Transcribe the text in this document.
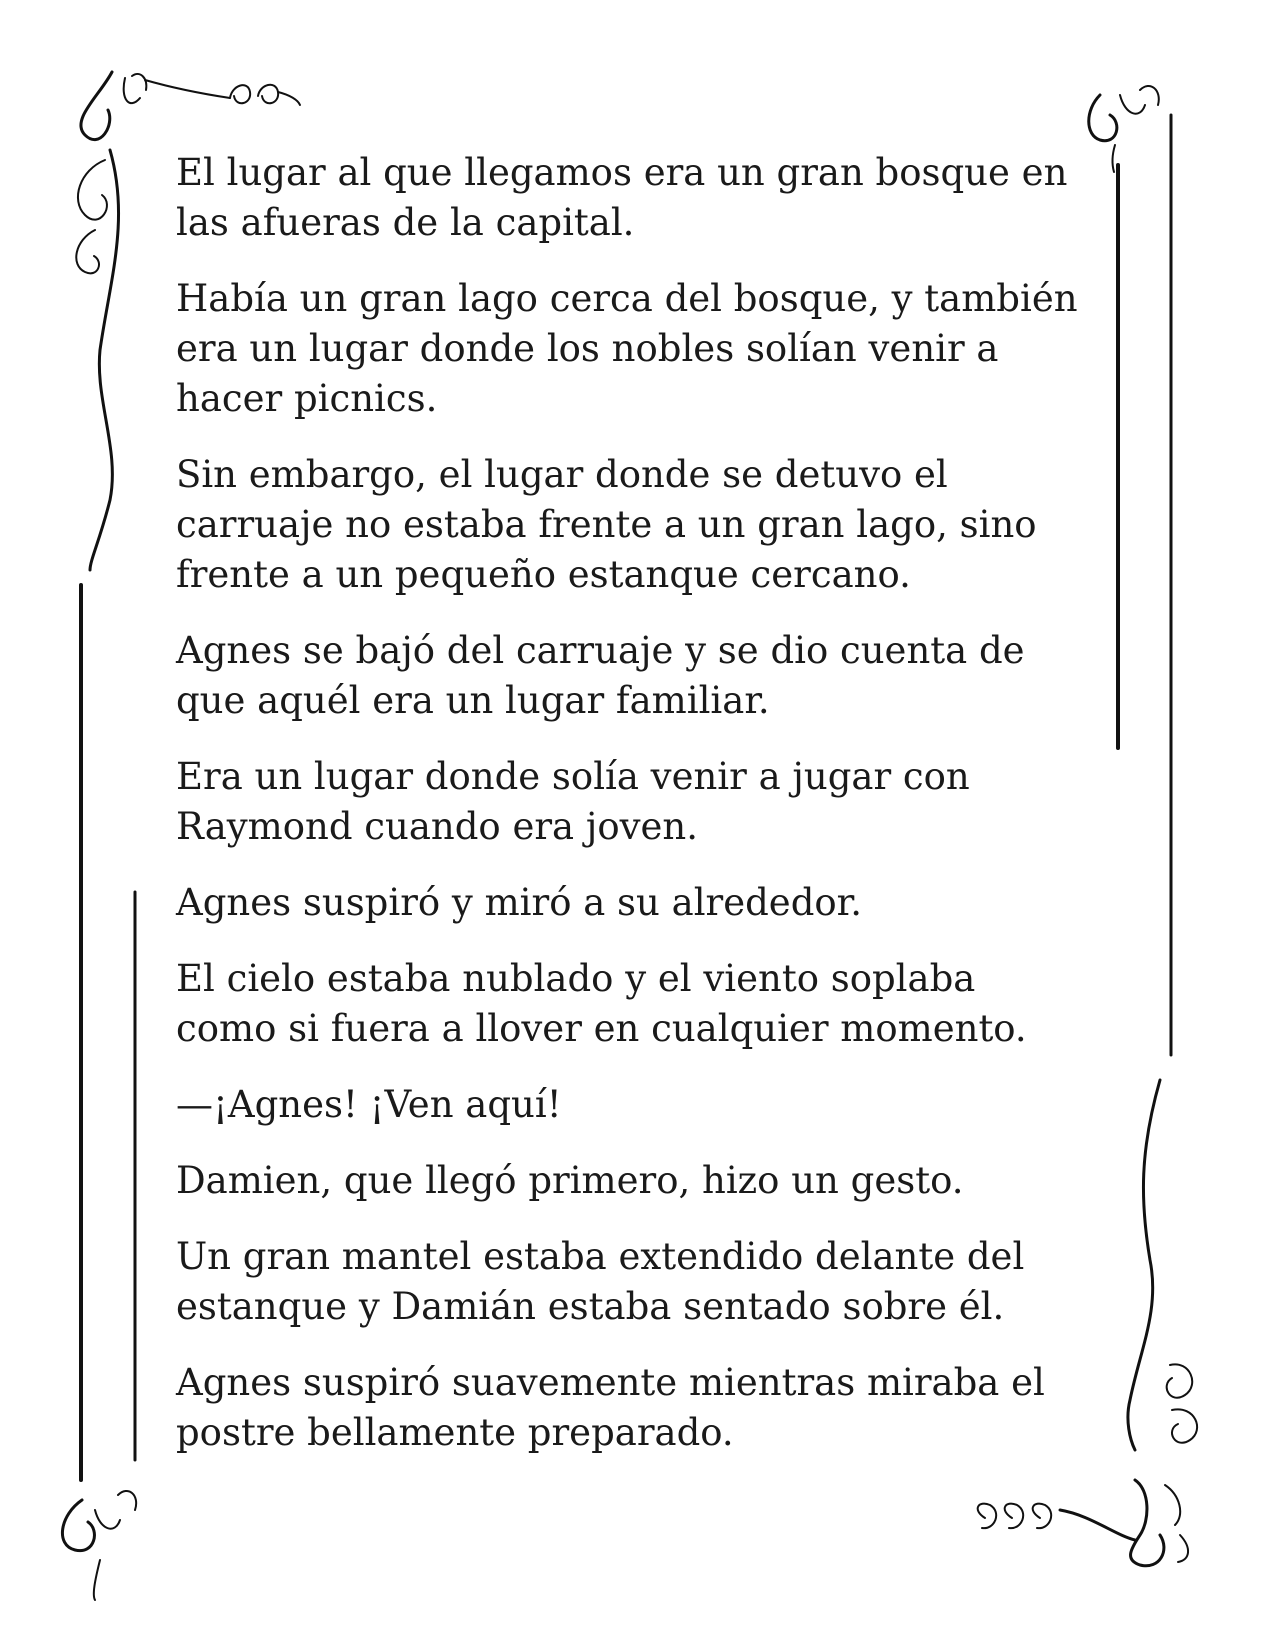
El lugar al que llegamos era un gran bosque en
las afueras de la capital.

Había un gran lago cerca del bosque, y también
era un lugar donde los nobles solían venir a
hacer picnics.

Sin embargo, el lugar donde se detuvo el
carruaje no estaba frente a un gran lago, sino
frente a un pequeño estanque cercano.

Agnes se bajó del carruaje y se dio cuenta de
que aquél era un lugar familiar.

Era un lugar donde solía venir a jugar con
Raymond cuando era joven.

Agnes suspiró y miró a su alrededor.

El cielo estaba nublado y el viento soplaba
como si fuera a llover en cualquier momento.

—¡Agnes! ¡Ven aquí!

Damien, que llegó primero, hizo un gesto.

Un gran mantel estaba extendido delante del
estanque y Damián estaba sentado sobre él.

Agnes suspiró suavemente mientras miraba el
postre bellamente preparado.
